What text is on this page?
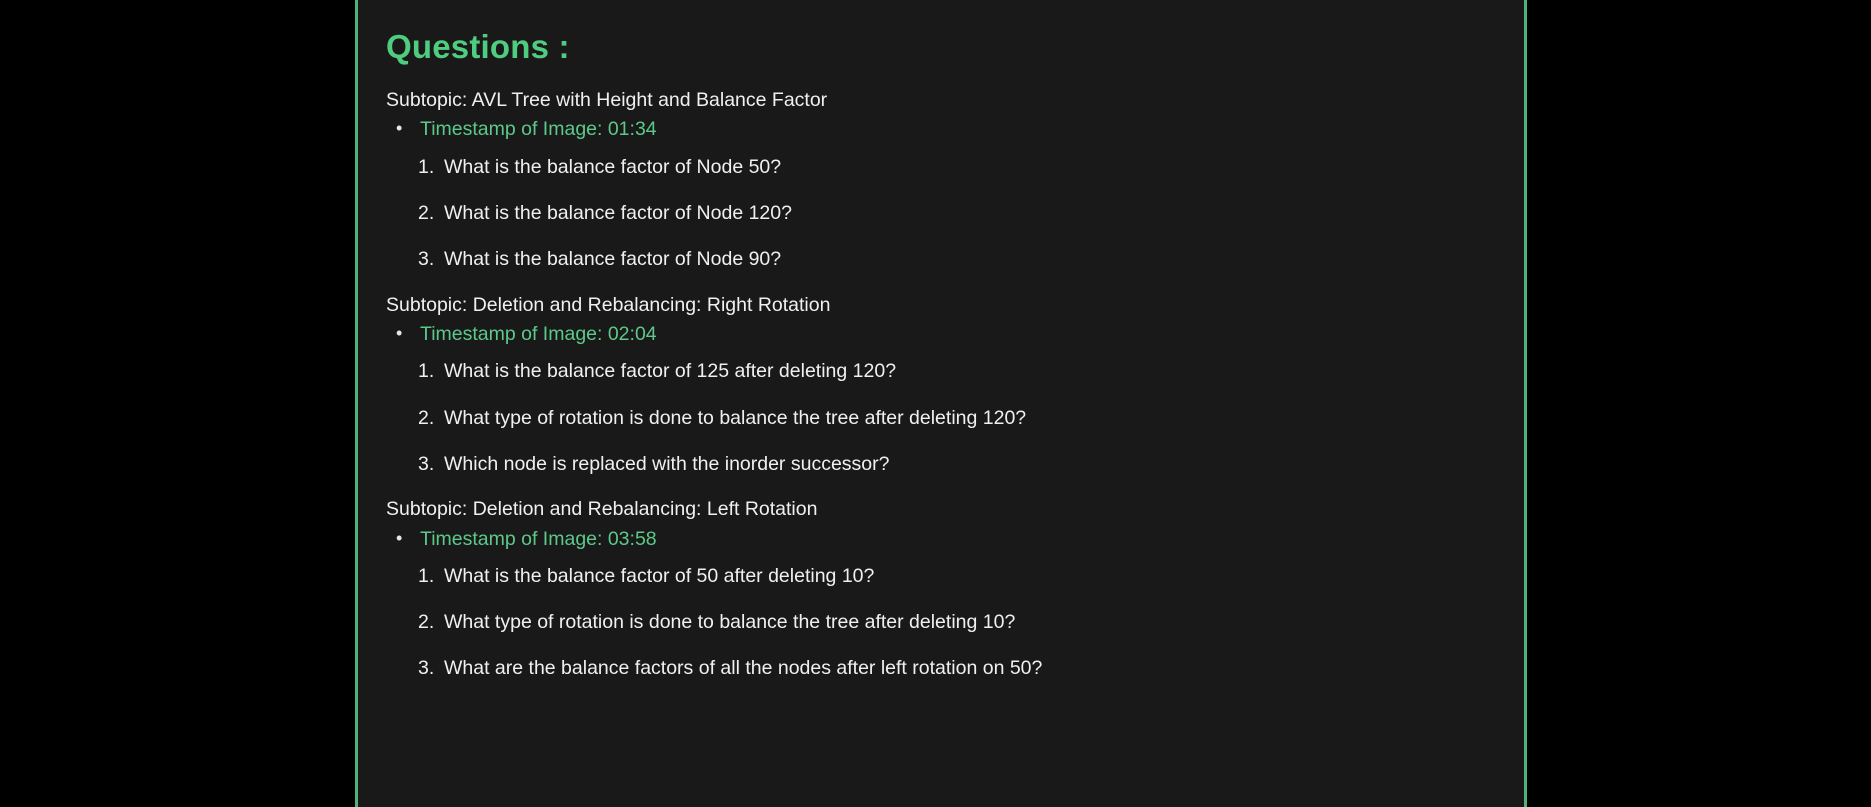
Questions :
Subtopic: AVL Tree with Height and Balance Factor
• Timestamp of Image: 01:34
1. What is the balance factor of Node 50?
2. What is the balance factor of Node 120?
3. What is the balance factor of Node 90?
Subtopic: Deletion and Rebalancing: Right Rotation
• Timestamp of Image: 02:04
1. What is the balance factor of 125 after deleting 120?
2. What type of rotation is done to balance the tree after deleting 120?
3. Which node is replaced with the inorder successor?
Subtopic: Deletion and Rebalancing: Left Rotation
• Timestamp of Image: 03:58
1. What is the balance factor of 50 after deleting 10?
2. What type of rotation is done to balance the tree after deleting 10?
3. What are the balance factors of all the nodes after left rotation on 50?
